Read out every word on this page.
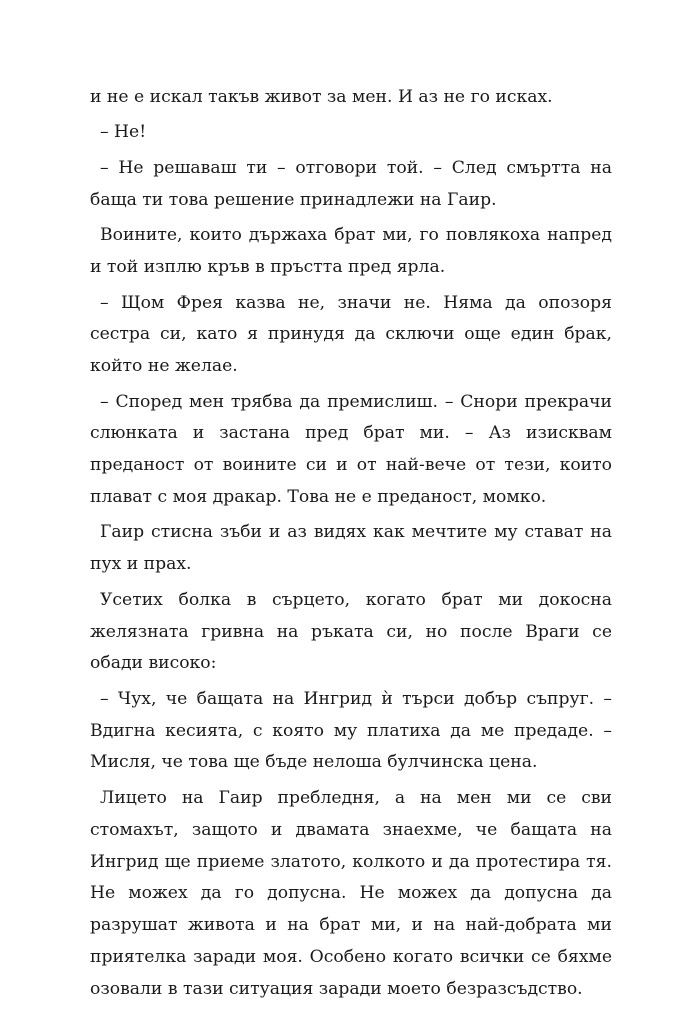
и не е искал такъв живот за мен. И аз не го исках.

– Не!

– Не решаваш ти – отговори той. – След смъртта на баща ти това решение принадлежи на Гаир.

Воините, които държаха брат ми, го повлякоха напред и той изплю кръв в пръстта пред ярла.

– Щом Фрея казва не, значи не. Няма да опозоря сестра си, като я принудя да сключи още един брак, който не желае.

– Според мен трябва да премислиш. – Снори прекрачи слюнката и застана пред брат ми. – Аз изисквам преданост от воините си и от най-вече от тези, които плават с моя дракар. Това не е преданост, момко.

Гаир стисна зъби и аз видях как мечтите му стават на пух и прах.

Усетих болка в сърцето, когато брат ми докосна желязната гривна на ръката си, но после Враги се обади високо:

– Чух, че бащата на Ингрид ѝ търси добър съпруг. – Вдигна кесията, с която му платиха да ме предаде. – Мисля, че това ще бъде нелоша булчинска цена.

Лицето на Гаир пребледня, а на мен ми се сви стомахът, защото и двамата знаехме, че бащата на Ингрид ще приеме златото, колкото и да протестира тя. Не можех да го допусна. Не можех да допусна да разрушат живота и на брат ми, и на най-добрата ми приятелка заради моя. Особено когато всички се бяхме озовали в тази ситуация заради моето безразсъдство.
